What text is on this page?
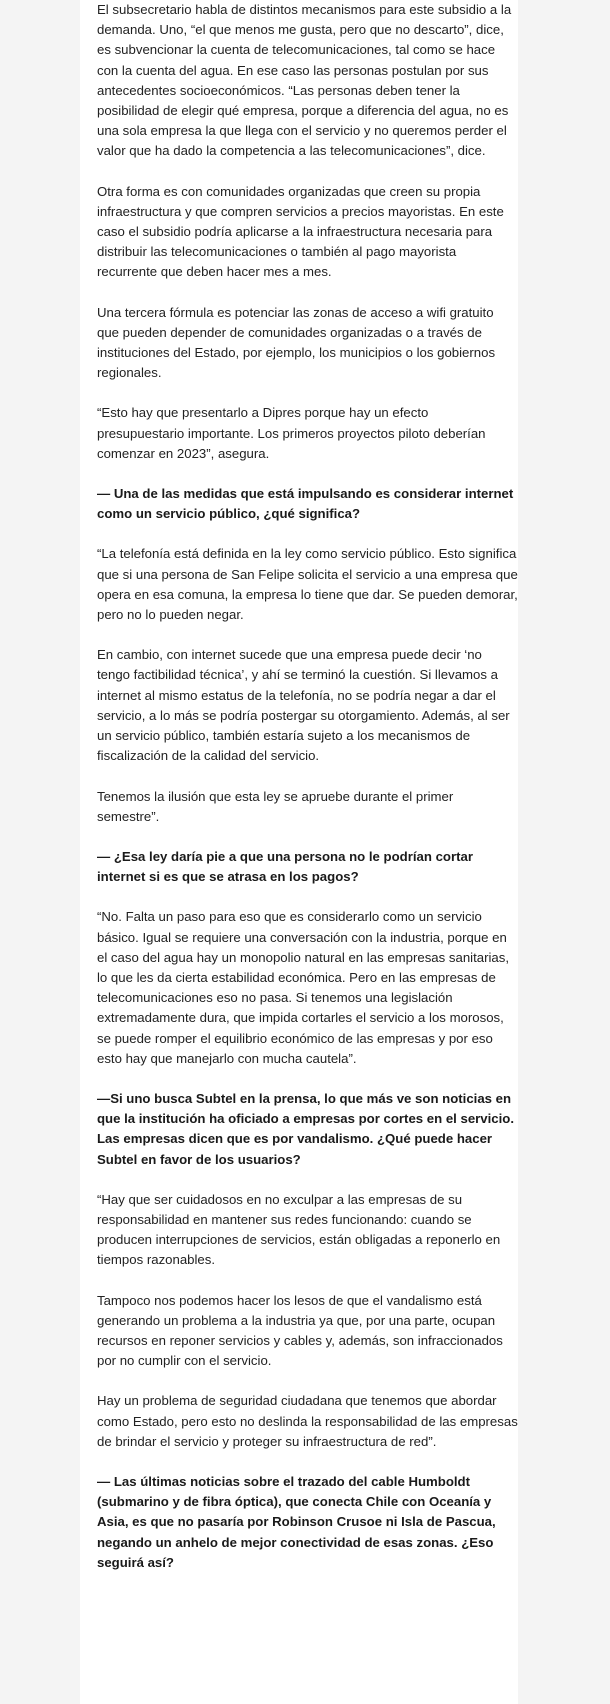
El subsecretario habla de distintos mecanismos para este subsidio a la demanda. Uno, “el que menos me gusta, pero que no descarto”, dice, es subvencionar la cuenta de telecomunicaciones, tal como se hace con la cuenta del agua. En ese caso las personas postulan por sus antecedentes socioeconómicos. “Las personas deben tener la posibilidad de elegir qué empresa, porque a diferencia del agua, no es una sola empresa la que llega con el servicio y no queremos perder el valor que ha dado la competencia a las telecomunicaciones”, dice.

Otra forma es con comunidades organizadas que creen su propia infraestructura y que compren servicios a precios mayoristas. En este caso el subsidio podría aplicarse a la infraestructura necesaria para distribuir las telecomunicaciones o también al pago mayorista recurrente que deben hacer mes a mes.

Una tercera fórmula es potenciar las zonas de acceso a wifi gratuito que pueden depender de comunidades organizadas o a través de instituciones del Estado, por ejemplo, los municipios o los gobiernos regionales.

“Esto hay que presentarlo a Dipres porque hay un efecto presupuestario importante. Los primeros proyectos piloto deberían comenzar en 2023”, asegura.

— Una de las medidas que está impulsando es considerar internet como un servicio público, ¿qué significa?

“La telefonía está definida en la ley como servicio público. Esto significa que si una persona de San Felipe solicita el servicio a una empresa que opera en esa comuna, la empresa lo tiene que dar. Se pueden demorar, pero no lo pueden negar.

En cambio, con internet sucede que una empresa puede decir ‘no tengo factibilidad técnica’, y ahí se terminó la cuestión. Si llevamos a internet al mismo estatus de la telefonía, no se podría negar a dar el servicio, a lo más se podría postergar su otorgamiento. Además, al ser un servicio público, también estaría sujeto a los mecanismos de fiscalización de la calidad del servicio.

Tenemos la ilusión que esta ley se apruebe durante el primer semestre”.

— ¿Esa ley daría pie a que una persona no le podrían cortar internet si es que se atrasa en los pagos?

“No. Falta un paso para eso que es considerarlo como un servicio básico. Igual se requiere una conversación con la industria, porque en el caso del agua hay un monopolio natural en las empresas sanitarias, lo que les da cierta estabilidad económica. Pero en las empresas de telecomunicaciones eso no pasa. Si tenemos una legislación extremadamente dura, que impida cortarles el servicio a los morosos, se puede romper el equilibrio económico de las empresas y por eso esto hay que manejarlo con mucha cautela”.

—Si uno busca Subtel en la prensa, lo que más ve son noticias en que la institución ha oficiado a empresas por cortes en el servicio. Las empresas dicen que es por vandalismo. ¿Qué puede hacer Subtel en favor de los usuarios?

“Hay que ser cuidadosos en no exculpar a las empresas de su responsabilidad en mantener sus redes funcionando: cuando se producen interrupciones de servicios, están obligadas a reponerlo en tiempos razonables.

Tampoco nos podemos hacer los lesos de que el vandalismo está generando un problema a la industria ya que, por una parte, ocupan recursos en reponer servicios y cables y, además, son infraccionados por no cumplir con el servicio.

Hay un problema de seguridad ciudadana que tenemos que abordar como Estado, pero esto no deslinda la responsabilidad de las empresas de brindar el servicio y proteger su infraestructura de red”.

— Las últimas noticias sobre el trazado del cable Humboldt (submarino y de fibra óptica), que conecta Chile con Oceanía y Asia, es que no pasaría por Robinson Crusoe ni Isla de Pascua, negando un anhelo de mejor conectividad de esas zonas. ¿Eso seguirá así?
